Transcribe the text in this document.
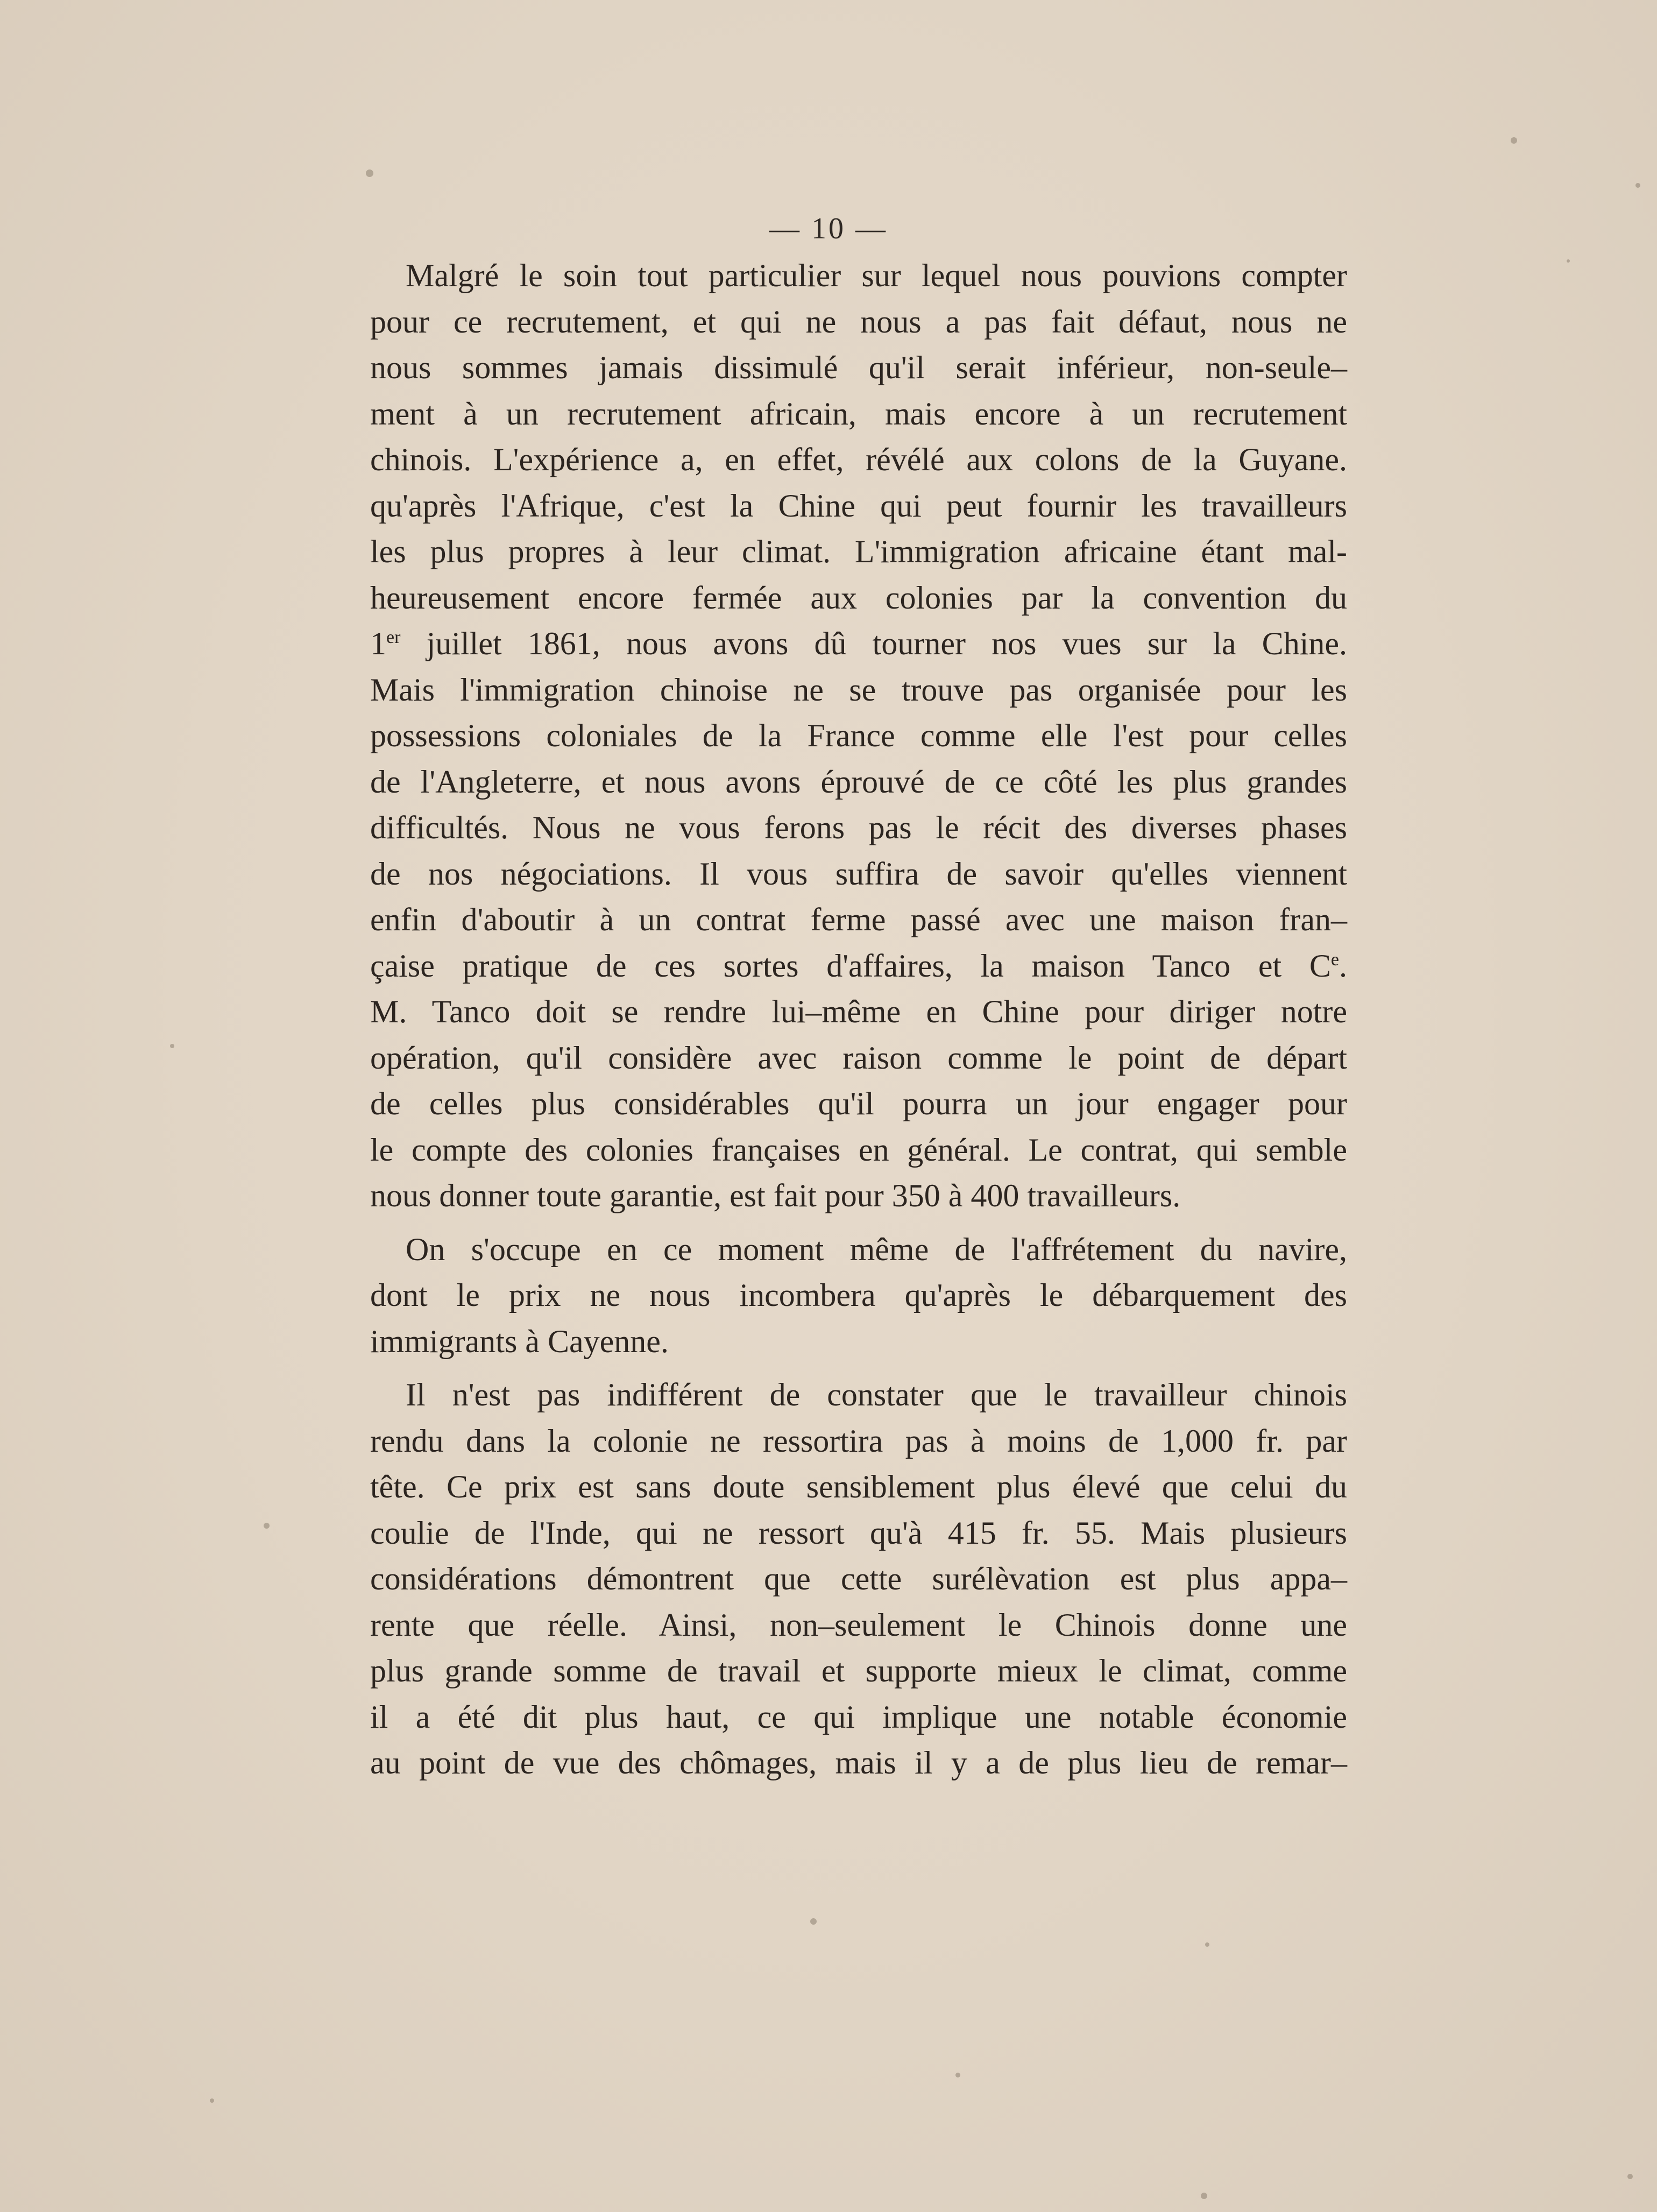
— 10 —
Malgré le soin tout particulier sur lequel nous pouvions compter
pour ce recrutement, et qui ne nous a pas fait défaut, nous ne
nous sommes jamais dissimulé qu'il serait inférieur, non-seule–
ment à un recrutement africain, mais encore à un recrutement
chinois. L'expérience a, en effet, révélé aux colons de la Guyane.
qu'après l'Afrique, c'est la Chine qui peut fournir les travailleurs
les plus propres à leur climat. L'immigration africaine étant mal-
heureusement encore fermée aux colonies par la convention du
1er juillet 1861, nous avons dû tourner nos vues sur la Chine.
Mais l'immigration chinoise ne se trouve pas organisée pour les
possessions coloniales de la France comme elle l'est pour celles
de l'Angleterre, et nous avons éprouvé de ce côté les plus grandes
difficultés. Nous ne vous ferons pas le récit des diverses phases
de nos négociations. Il vous suffira de savoir qu'elles viennent
enfin d'aboutir à un contrat ferme passé avec une maison fran–
çaise pratique de ces sortes d'affaires, la maison Tanco et Ce.
M. Tanco doit se rendre lui–même en Chine pour diriger notre
opération, qu'il considère avec raison comme le point de départ
de celles plus considérables qu'il pourra un jour engager pour
le compte des colonies françaises en général. Le contrat, qui semble
nous donner toute garantie, est fait pour 350 à 400 travailleurs.
On s'occupe en ce moment même de l'affrétement du navire,
dont le prix ne nous incombera qu'après le débarquement des
immigrants à Cayenne.
Il n'est pas indifférent de constater que le travailleur chinois
rendu dans la colonie ne ressortira pas à moins de 1,000 fr. par
tête. Ce prix est sans doute sensiblement plus élevé que celui du
coulie de l'Inde, qui ne ressort qu'à 415 fr. 55. Mais plusieurs
considérations démontrent que cette surélèvation est plus appa–
rente que réelle. Ainsi, non–seulement le Chinois donne une
plus grande somme de travail et supporte mieux le climat, comme
il a été dit plus haut, ce qui implique une notable économie
au point de vue des chômages, mais il y a de plus lieu de remar–
